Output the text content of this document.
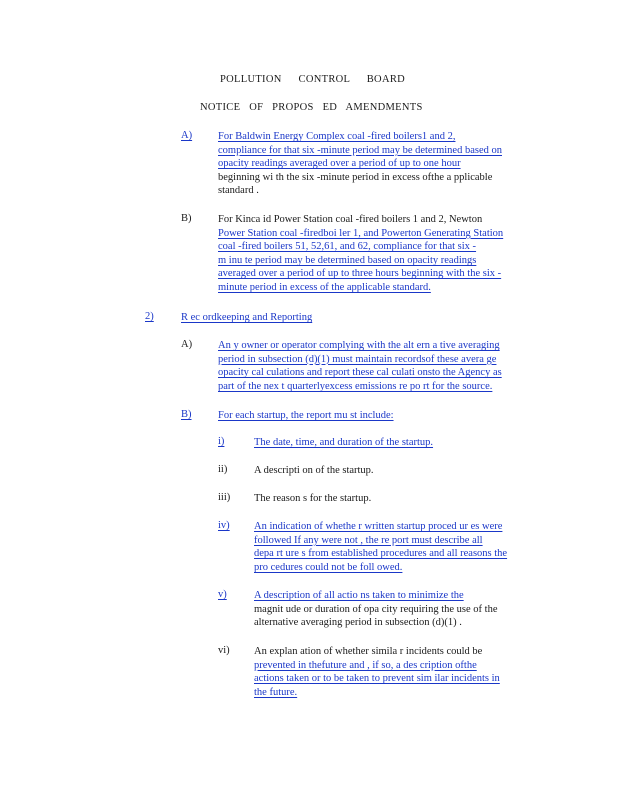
POLLUTION CONTROL BOARD
NOTICE OF PROPOS ED AMENDMENTS
A) For Baldwin Energy Complex coal -fired boilers1 and 2,
compliance for that six -minute period may be determined based on
opacity readings averaged over a period of up to one hour
beginning wi th the six -minute period in excess ofthe a pplicable
standard .
B)	For Kinca id Power Station coal -fired boilers 1 and 2, Newton
Power Station coal -firedboi ler 1, and Powerton Generating Station
coal -fired boilers 51, 52,61, and 62, compliance for that six -
m inu te period may be determined based on opacity readings
averaged over a period of up to three hours beginning with the six -
minute period in excess of the applicable standard.
2)	R ec ordkeeping and Reporting
A) An y owner or operator complying with the alt ern a tive averaging
period in subsection (d)(1) must maintain recordsof these avera ge
opacity cal culations and report these cal culati onsto the Agency as
part of the nex t quarterlyexcess emissions re po rt for the source.
B)	For each startup, the report mu st include:
i)	The date, time, and duration of the startup.
ii)	A descripti on of the startup.
iii) The reason s for the startup.
iv) An indication of whethe r written startup proced ur es were
followed If any were not , the re port must describe all
depa rt ure s from established procedures and all reasons the
pro cedures could not be foll owed.
v)	A description of all actio ns taken to minimize the
magnit ude or duration of opa city requiring the use of the
alternative averaging period in subsection (d)(1) .
vi) An explan ation of whether simila r incidents could be
prevented in thefuture and , if so, a des cription ofthe
actions taken or to be taken to prevent sim ilar incidents in
the future.
